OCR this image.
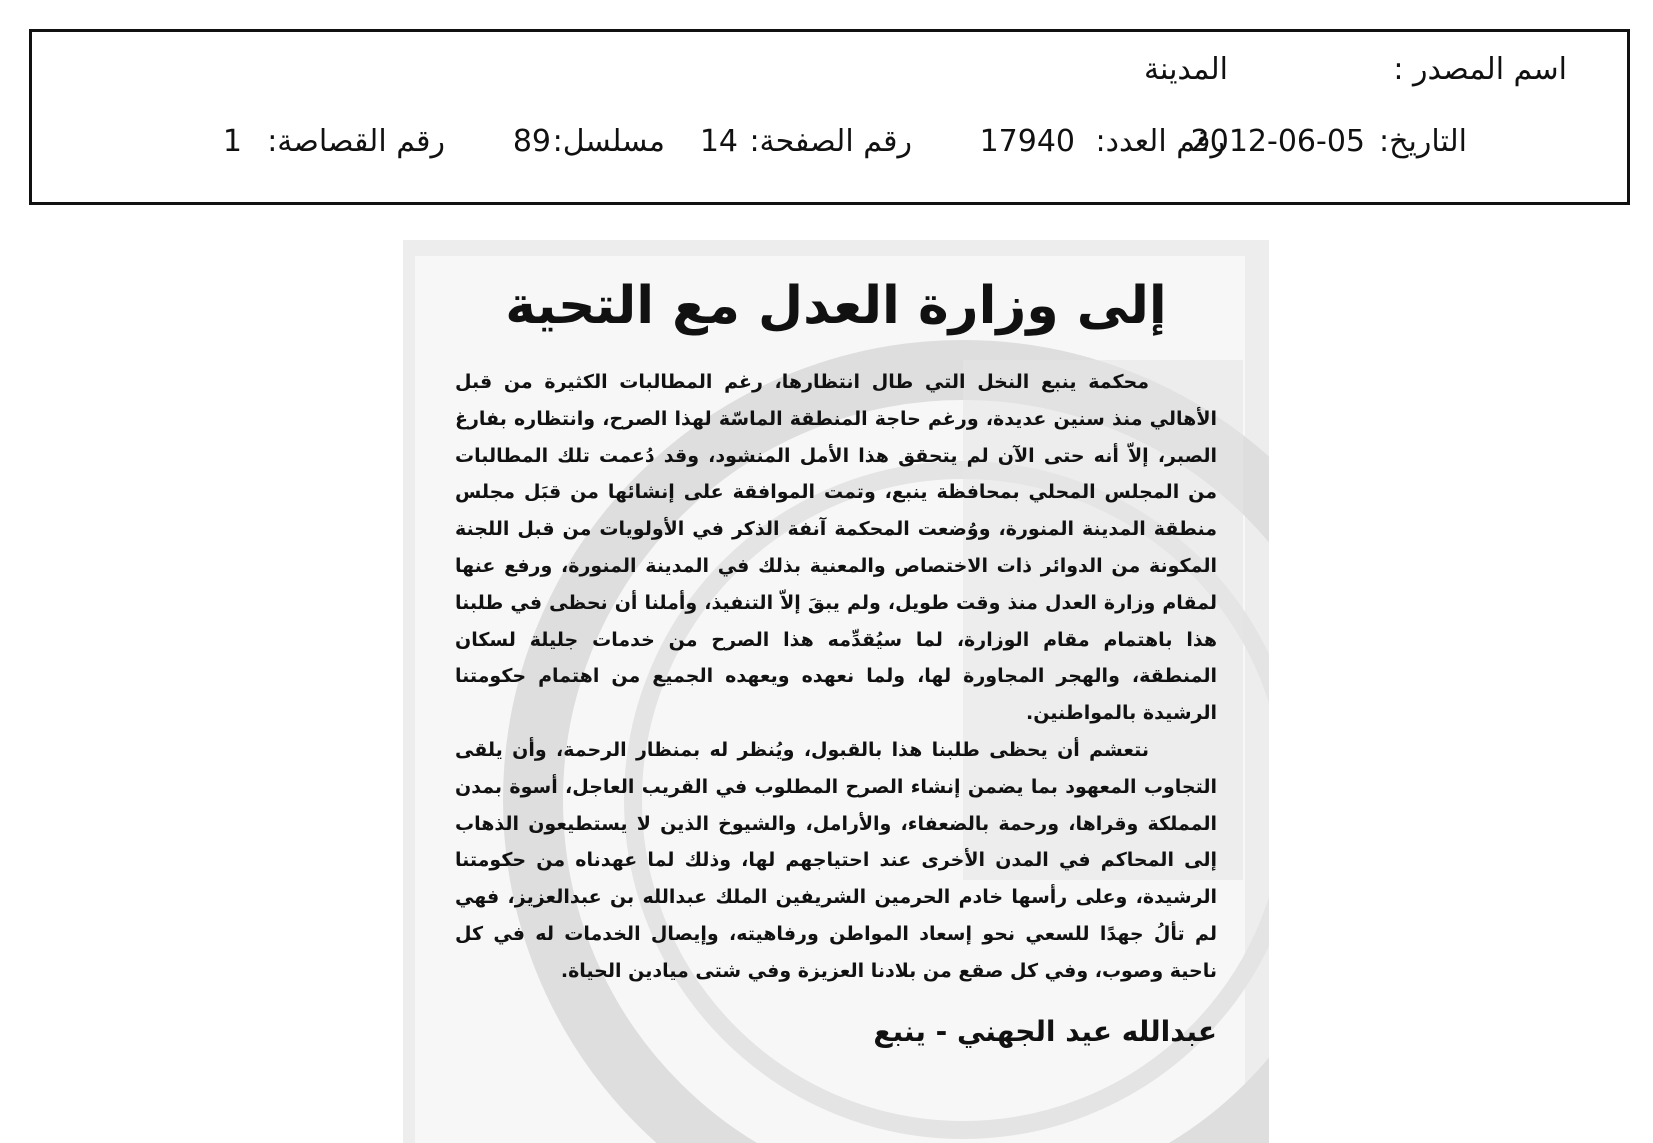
اسم المصدر :
المدينة
التاريخ:
2012-06-05
رقم العدد:
17940
رقم الصفحة:
14
مسلسل:
89
رقم القصاصة:
1
إلى وزارة العدل مع التحية

محكمة ينبع النخل التي طال انتظارها، رغم المطالبات الكثيرة من قبل الأهالي منذ سنين عديدة، ورغم حاجة المنطقة الماسّة لهذا الصرح، وانتظاره بفارغ الصبر، إلاّ أنه حتى الآن لم يتحقق هذا الأمل المنشود، وقد دُعمت تلك المطالبات من المجلس المحلي بمحافظة ينبع، وتمت الموافقة على إنشائها من قبَل مجلس منطقة المدينة المنورة، ووُضعت المحكمة آنفة الذكر في الأولويات من قبل اللجنة المكونة من الدوائر ذات الاختصاص والمعنية بذلك في المدينة المنورة، ورفع عنها لمقام وزارة العدل منذ وقت طويل، ولم يبقَ إلاّ التنفيذ، وأملنا أن نحظى في طلبنا هذا باهتمام مقام الوزارة، لما سيُقدِّمه هذا الصرح من خدمات جليلة لسكان المنطقة، والهجر المجاورة لها، ولما نعهده ويعهده الجميع من اهتمام حكومتنا الرشيدة بالمواطنين.

نتعشم أن يحظى طلبنا هذا بالقبول، ويُنظر له بمنظار الرحمة، وأن يلقى التجاوب المعهود بما يضمن إنشاء الصرح المطلوب في القريب العاجل، أسوة بمدن المملكة وقراها، ورحمة بالضعفاء، والأرامل، والشيوخ الذين لا يستطيعون الذهاب إلى المحاكم في المدن الأخرى عند احتياجهم لها، وذلك لما عهدناه من حكومتنا الرشيدة، وعلى رأسها خادم الحرمين الشريفين الملك عبدالله بن عبدالعزيز، فهي لم تألُ جهدًا للسعي نحو إسعاد المواطن ورفاهيته، وإيصال الخدمات له في كل ناحية وصوب، وفي كل صقع من بلادنا العزيزة وفي شتى ميادين الحياة.

عبدالله عيد الجهني - ينبع
